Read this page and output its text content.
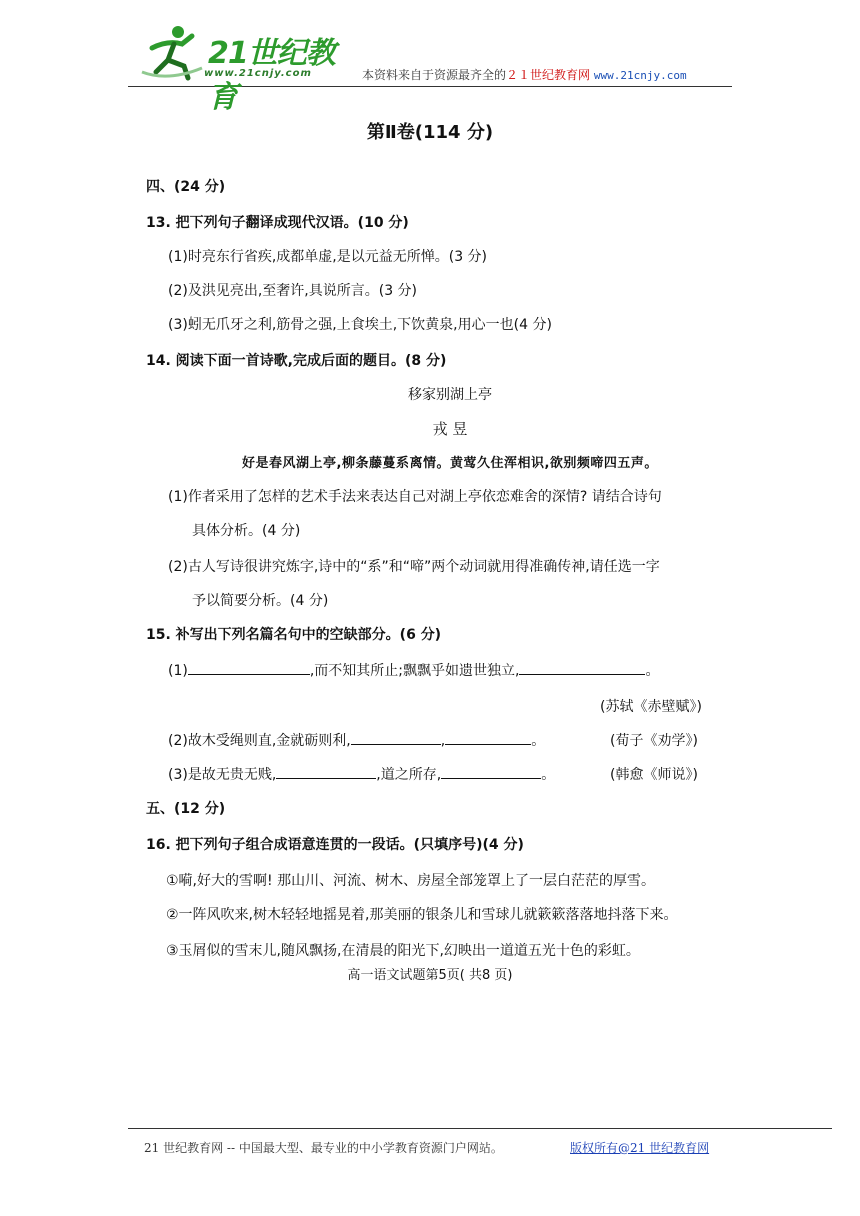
21世纪教育
www.21cnjy.com	本资料来自于资源最齐全的２１世纪教育网 www.21cnjy.com
第Ⅱ卷(114 分)
四、(24 分)
13. 把下列句子翻译成现代汉语。(10 分)
(1)时亮东行省疾,成都单虚,是以元益无所惮。(3 分)
(2)及洪见亮出,至奢许,具说所言。(3 分)
(3)蚓无爪牙之利,筋骨之强,上食埃土,下饮黄泉,用心一也(4 分)
14. 阅读下面一首诗歌,完成后面的题目。(8 分)
移家别湖上亭
戎 昱
好是春风湖上亭,柳条藤蔓系离情。黄莺久住浑相识,欲别频啼四五声。
(1)作者采用了怎样的艺术手法来表达自己对湖上亭依恋难舍的深情? 请结合诗句
具体分析。(4 分)
(2)古人写诗很讲究炼字,诗中的“系”和“啼”两个动词就用得准确传神,请任选一字
予以简要分析。(4 分)
15. 补写出下列名篇名句中的空缺部分。(6 分)
(1)	,而不知其所止;飘飘乎如遗世独立,	。
(苏轼《赤壁赋》)
(2)故木受绳则直,金就砺则利,	,	。	(荀子《劝学》)
(3)是故无贵无贱,	,道之所存,	。	(韩愈《师说》)
五、(12 分)
16. 把下列句子组合成语意连贯的一段话。(只填序号)(4 分)
①嗬,好大的雪啊! 那山川、河流、树木、房屋全部笼罩上了一层白茫茫的厚雪。
②一阵风吹来,树木轻轻地摇晃着,那美丽的银条儿和雪球儿就簌簌落落地抖落下来。
③玉屑似的雪末儿,随风飘扬,在清晨的阳光下,幻映出一道道五光十色的彩虹。
高一语文试题第5页( 共8 页)
21 世纪教育网 -- 中国最大型、最专业的中小学教育资源门户网站。	版权所有@21 世纪教育网
